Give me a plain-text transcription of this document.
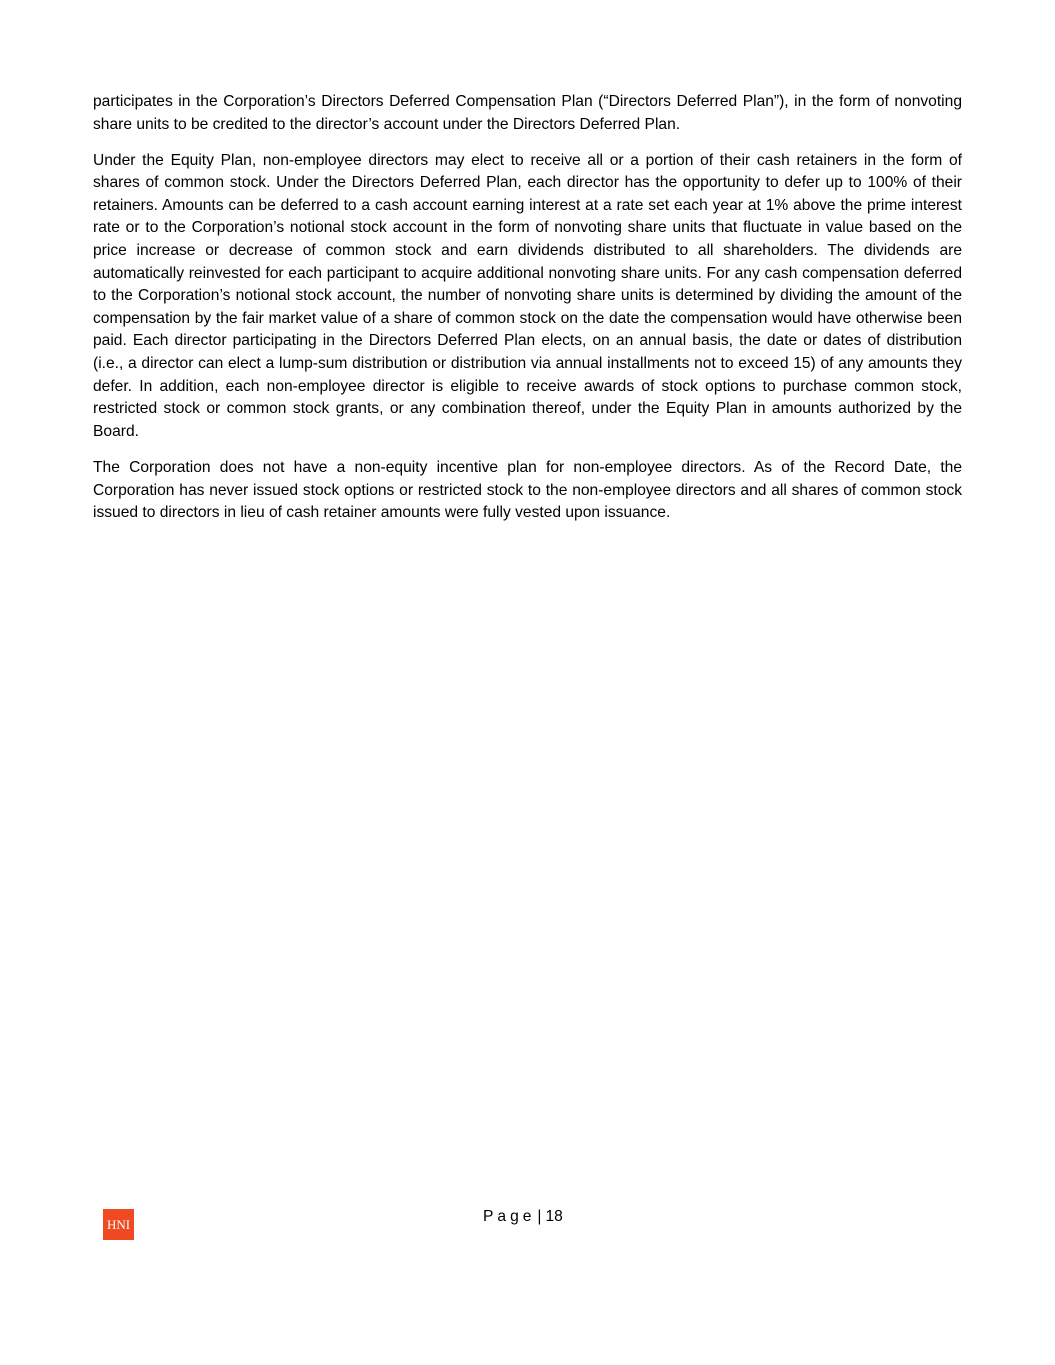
participates in the Corporation’s Directors Deferred Compensation Plan (“Directors Deferred Plan”), in the form of nonvoting share units to be credited to the director’s account under the Directors Deferred Plan.

Under the Equity Plan, non-employee directors may elect to receive all or a portion of their cash retainers in the form of shares of common stock. Under the Directors Deferred Plan, each director has the opportunity to defer up to 100% of their retainers. Amounts can be deferred to a cash account earning interest at a rate set each year at 1% above the prime interest rate or to the Corporation’s notional stock account in the form of nonvoting share units that fluctuate in value based on the price increase or decrease of common stock and earn dividends distributed to all shareholders. The dividends are automatically reinvested for each participant to acquire additional nonvoting share units. For any cash compensation deferred to the Corporation’s notional stock account, the number of nonvoting share units is determined by dividing the amount of the compensation by the fair market value of a share of common stock on the date the compensation would have otherwise been paid. Each director participating in the Directors Deferred Plan elects, on an annual basis, the date or dates of distribution (i.e., a director can elect a lump-sum distribution or distribution via annual installments not to exceed 15) of any amounts they defer. In addition, each non-employee director is eligible to receive awards of stock options to purchase common stock, restricted stock or common stock grants, or any combination thereof, under the Equity Plan in amounts authorized by the Board.

The Corporation does not have a non-equity incentive plan for non-employee directors. As of the Record Date, the Corporation has never issued stock options or restricted stock to the non-employee directors and all shares of common stock issued to directors in lieu of cash retainer amounts were fully vested upon issuance.

HNI	Page | 18
